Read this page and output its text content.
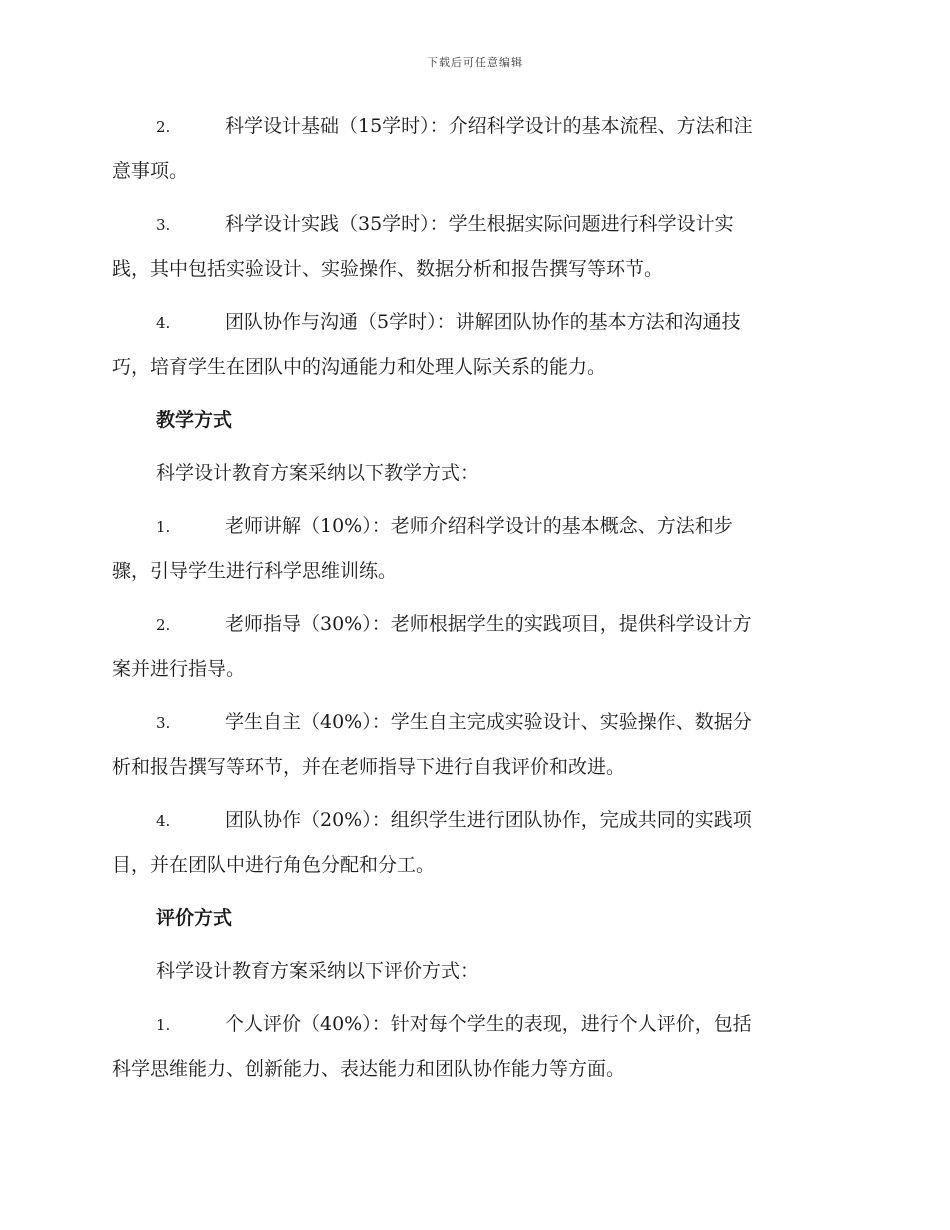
下载后可任意编辑
2.	科学设计基础（15学时）：介绍科学设计的基本流程、方法和注
意事项。
3.	科学设计实践（35学时）：学生根据实际问题进行科学设计实
践，其中包括实验设计、实验操作、数据分析和报告撰写等环节。
4.	团队协作与沟通（5学时）：讲解团队协作的基本方法和沟通技
巧，培育学生在团队中的沟通能力和处理人际关系的能力。
教学方式
科学设计教育方案采纳以下教学方式：
1.	老师讲解（10%）：老师介绍科学设计的基本概念、方法和步
骤，引导学生进行科学思维训练。
2.	老师指导（30%）：老师根据学生的实践项目，提供科学设计方
案并进行指导。
3.	学生自主（40%）：学生自主完成实验设计、实验操作、数据分
析和报告撰写等环节，并在老师指导下进行自我评价和改进。
4.	团队协作（20%）：组织学生进行团队协作，完成共同的实践项
目，并在团队中进行角色分配和分工。
评价方式
科学设计教育方案采纳以下评价方式：
1.	个人评价（40%）：针对每个学生的表现，进行个人评价，包括
科学思维能力、创新能力、表达能力和团队协作能力等方面。
